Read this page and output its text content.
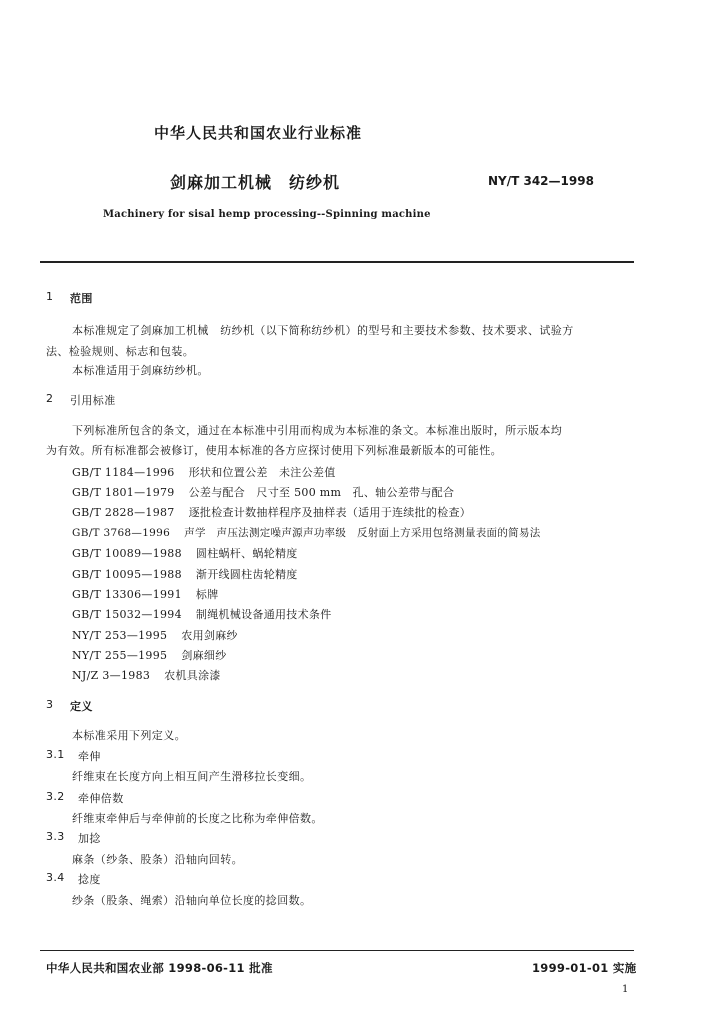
中华人民共和国农业行业标准
剑麻加工机械　纺纱机	NY/T 342—1998
Machinery for sisal hemp processing--Spinning machine
1 范围
本标准规定了剑麻加工机械　纺纱机（以下简称纺纱机）的型号和主要技术参数、技术要求、试验方
法、检验规则、标志和包装。
本标准适用于剑麻纺纱机。
2 引用标准
下列标准所包含的条文，通过在本标准中引用而构成为本标准的条文。本标准出版时，所示版本均
为有效。所有标准都会被修订，使用本标准的各方应探讨使用下列标准最新版本的可能性。
GB/T 1184—1996 形状和位置公差　未注公差值
GB/T 1801—1979 公差与配合　尺寸至 500 mm　孔、轴公差带与配合
GB/T 2828—1987 逐批检查计数抽样程序及抽样表（适用于连续批的检查）
GB/T 3768—1996 声学　声压法测定噪声源声功率级　反射面上方采用包络测量表面的简易法
GB/T 10089—1988 圆柱蜗杆、蜗轮精度
GB/T 10095—1988 渐开线圆柱齿轮精度
GB/T 13306—1991 标牌
GB/T 15032—1994 制绳机械设备通用技术条件
NY/T 253—1995 农用剑麻纱
NY/T 255—1995 剑麻细纱
NJ/Z 3—1983 农机具涂漆
3 定义
本标准采用下列定义。
3.1 牵伸
纤维束在长度方向上相互间产生滑移拉长变细。
3.2 牵伸倍数
纤维束牵伸后与牵伸前的长度之比称为牵伸倍数。
3.3 加捻
麻条（纱条、股条）沿轴向回转。
3.4 捻度
纱条（股条、绳索）沿轴向单位长度的捻回数。
中华人民共和国农业部 1998-06-11 批准	1999-01-01 实施
1
